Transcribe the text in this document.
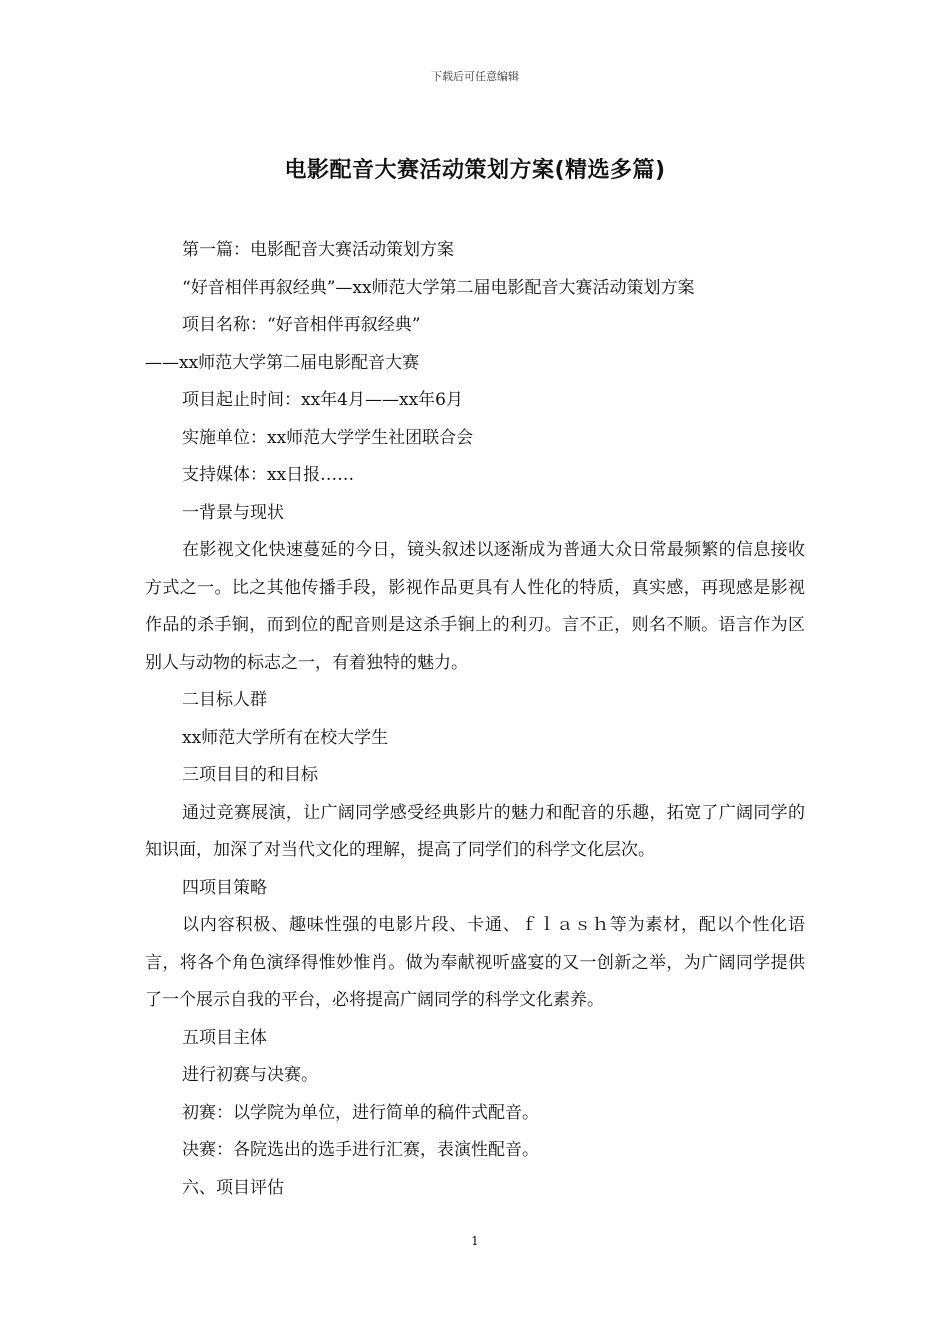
下载后可任意编辑
电影配音大赛活动策划方案(精选多篇)
第一篇：电影配音大赛活动策划方案
“好音相伴再叙经典”—xx师范大学第二届电影配音大赛活动策划方案
项目名称：“好音相伴再叙经典”
——xx师范大学第二届电影配音大赛
项目起止时间：xx年4月——xx年6月
实施单位：xx师范大学学生社团联合会
支持媒体：xx日报……
一背景与现状
在影视文化快速蔓延的今日，镜头叙述以逐渐成为普通大众日常最频繁的信息接收方式之一。比之其他传播手段，影视作品更具有人性化的特质，真实感，再现感是影视作品的杀手锏，而到位的配音则是这杀手锏上的利刃。言不正，则名不顺。语言作为区别人与动物的标志之一，有着独特的魅力。
二目标人群
xx师范大学所有在校大学生
三项目目的和目标
通过竞赛展演，让广阔同学感受经典影片的魅力和配音的乐趣，拓宽了广阔同学的知识面，加深了对当代文化的理解，提高了同学们的科学文化层次。
四项目策略
以内容积极、趣味性强的电影片段、卡通、ｆｌａｓｈ等为素材，配以个性化语言，将各个角色演绎得惟妙惟肖。做为奉献视听盛宴的又一创新之举，为广阔同学提供了一个展示自我的平台，必将提高广阔同学的科学文化素养。
五项目主体
进行初赛与决赛。
初赛：以学院为单位，进行简单的稿件式配音。
决赛：各院选出的选手进行汇赛，表演性配音。
六、项目评估
1
